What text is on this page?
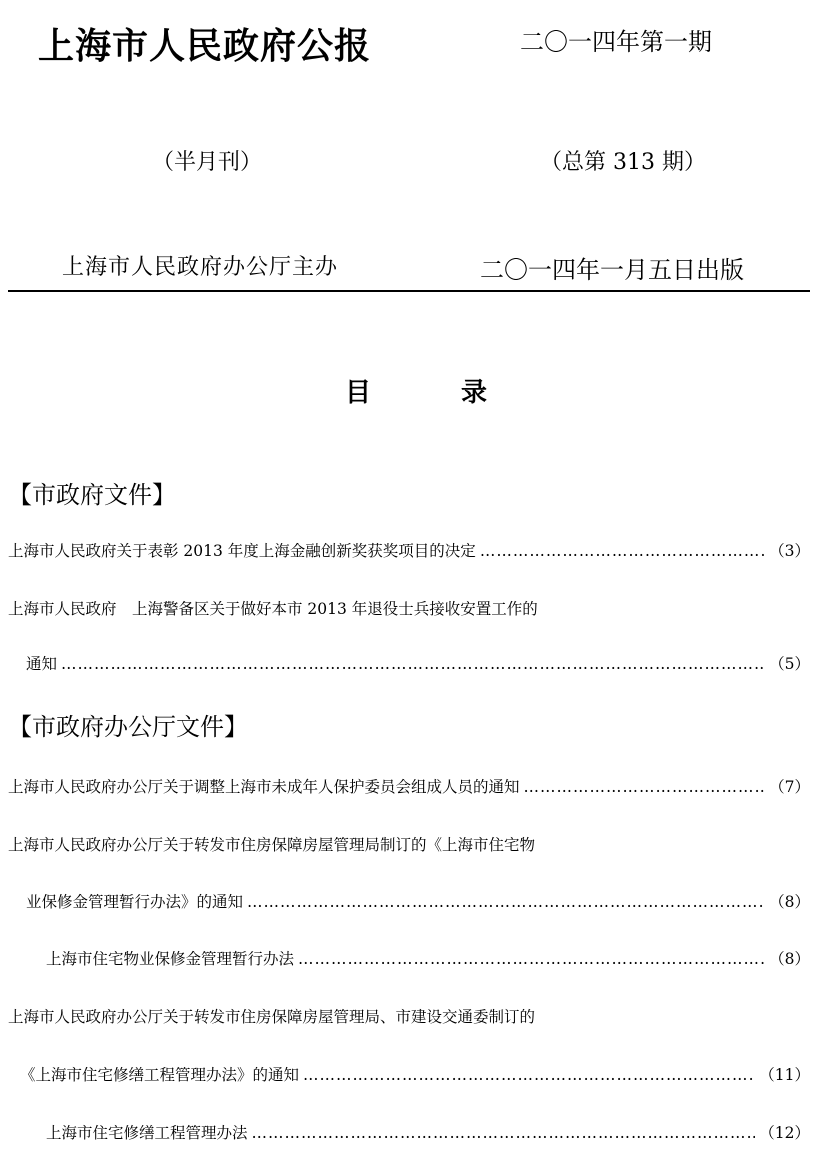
上海市人民政府公报	二〇一四年第一期
（半月刊）	（总第 313 期）
上海市人民政府办公厅主办	二〇一四年一月五日出版
目	录
【市政府文件】
上海市人民政府关于表彰 2013 年度上海金融创新奖获奖项目的决定 ……………………………………………………………………………………………………………………………………………………………………………………………………	（3）
上海市人民政府　上海警备区关于做好本市 2013 年退役士兵接收安置工作的
通知 ……………………………………………………………………………………………………………………………………………………………………………………………………	（5）
【市政府办公厅文件】
上海市人民政府办公厅关于调整上海市未成年人保护委员会组成人员的通知 ……………………………………………………………………………………………………………………………………………………………………………………………………	（7）
上海市人民政府办公厅关于转发市住房保障房屋管理局制订的《上海市住宅物
业保修金管理暂行办法》的通知 ……………………………………………………………………………………………………………………………………………………………………………………………………	（8）
上海市住宅物业保修金管理暂行办法 ……………………………………………………………………………………………………………………………………………………………………………………………………	（8）
上海市人民政府办公厅关于转发市住房保障房屋管理局、市建设交通委制订的
《上海市住宅修缮工程管理办法》的通知 ……………………………………………………………………………………………………………………………………………………………………………………………………	（11）
上海市住宅修缮工程管理办法 ……………………………………………………………………………………………………………………………………………………………………………………………………	（12）
